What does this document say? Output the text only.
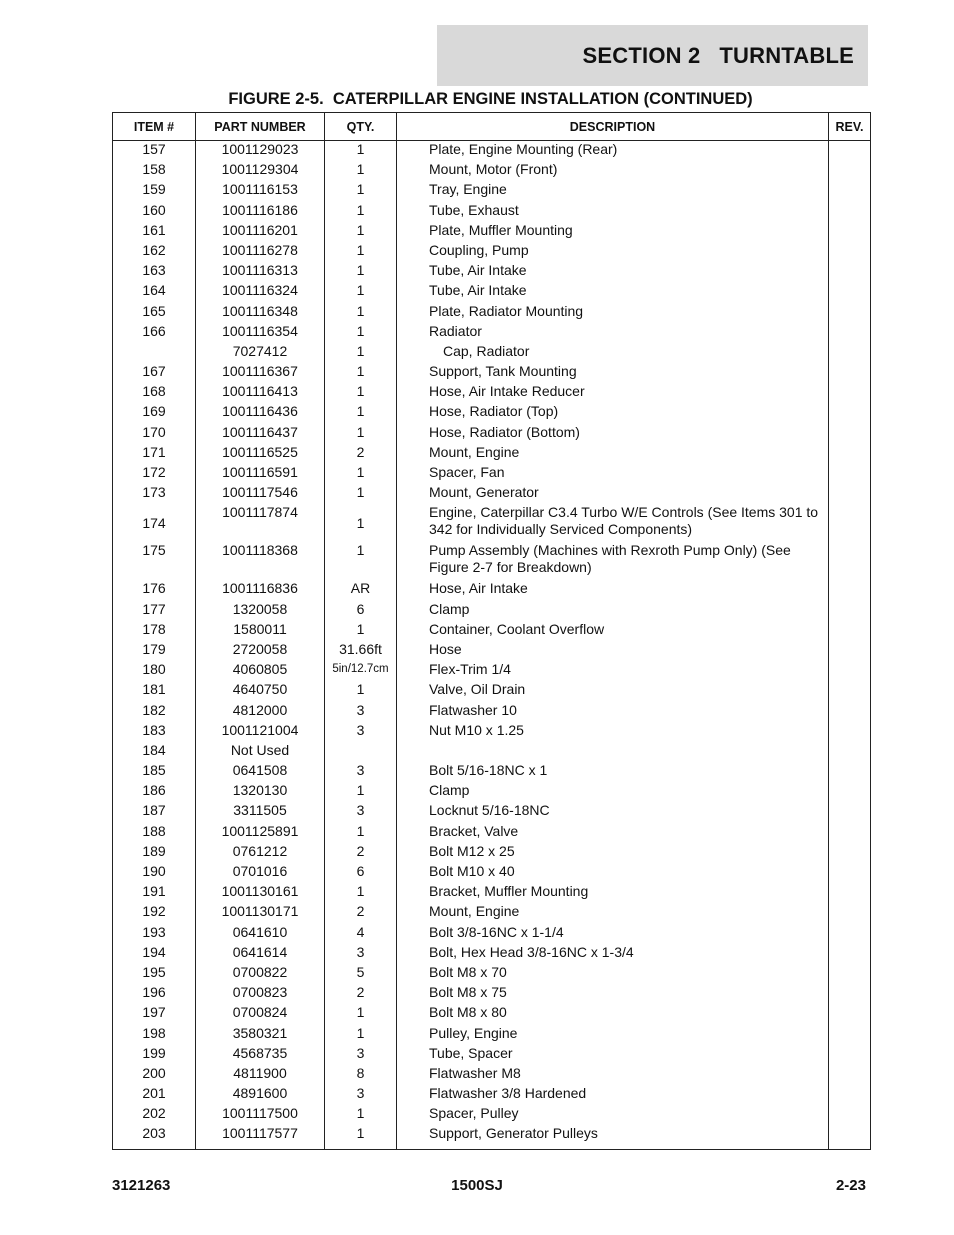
SECTION 2   TURNTABLE
FIGURE 2-5.  CATERPILLAR ENGINE INSTALLATION (CONTINUED)
ITEM #	PART NUMBER	QTY.	DESCRIPTION	REV.
157	1001129023	1	Plate, Engine Mounting (Rear)	
158	1001129304	1	Mount, Motor (Front)	
159	1001116153	1	Tray, Engine	
160	1001116186	1	Tube, Exhaust	
161	1001116201	1	Plate, Muffler Mounting	
162	1001116278	1	Coupling, Pump	
163	1001116313	1	Tube, Air Intake	
164	1001116324	1	Tube, Air Intake	
165	1001116348	1	Plate, Radiator Mounting	
166	1001116354	1	Radiator	
	7027412	1	Cap, Radiator	
167	1001116367	1	Support, Tank Mounting	
168	1001116413	1	Hose, Air Intake Reducer	
169	1001116436	1	Hose, Radiator (Top)	
170	1001116437	1	Hose, Radiator (Bottom)	
171	1001116525	2	Mount, Engine	
172	1001116591	1	Spacer, Fan	
173	1001117546	1	Mount, Generator	
174	1001117874	1	Engine, Caterpillar C3.4 Turbo W/E Controls (See Items 301 to 342 for Individually Serviced Components)	
175	1001118368	1	Pump Assembly (Machines with Rexroth Pump Only) (See Figure 2-7 for Breakdown)	
176	1001116836	AR	Hose, Air Intake	
177	1320058	6	Clamp	
178	1580011	1	Container, Coolant Overflow	
179	2720058	31.66ft	Hose	
180	4060805	5in/12.7cm	Flex-Trim 1/4	
181	4640750	1	Valve, Oil Drain	
182	4812000	3	Flatwasher 10	
183	1001121004	3	Nut M10 x 1.25	
184	Not Used			
185	0641508	3	Bolt 5/16-18NC x 1	
186	1320130	1	Clamp	
187	3311505	3	Locknut 5/16-18NC	
188	1001125891	1	Bracket, Valve	
189	0761212	2	Bolt M12 x 25	
190	0701016	6	Bolt M10 x 40	
191	1001130161	1	Bracket, Muffler Mounting	
192	1001130171	2	Mount, Engine	
193	0641610	4	Bolt 3/8-16NC x 1-1/4	
194	0641614	3	Bolt, Hex Head 3/8-16NC x 1-3/4	
195	0700822	5	Bolt M8 x 70	
196	0700823	2	Bolt M8 x 75	
197	0700824	1	Bolt M8 x 80	
198	3580321	1	Pulley, Engine	
199	4568735	3	Tube, Spacer	
200	4811900	8	Flatwasher M8	
201	4891600	3	Flatwasher 3/8 Hardened	
202	1001117500	1	Spacer, Pulley	
203	1001117577	1	Support, Generator Pulleys	
3121263	1500SJ	2-23
